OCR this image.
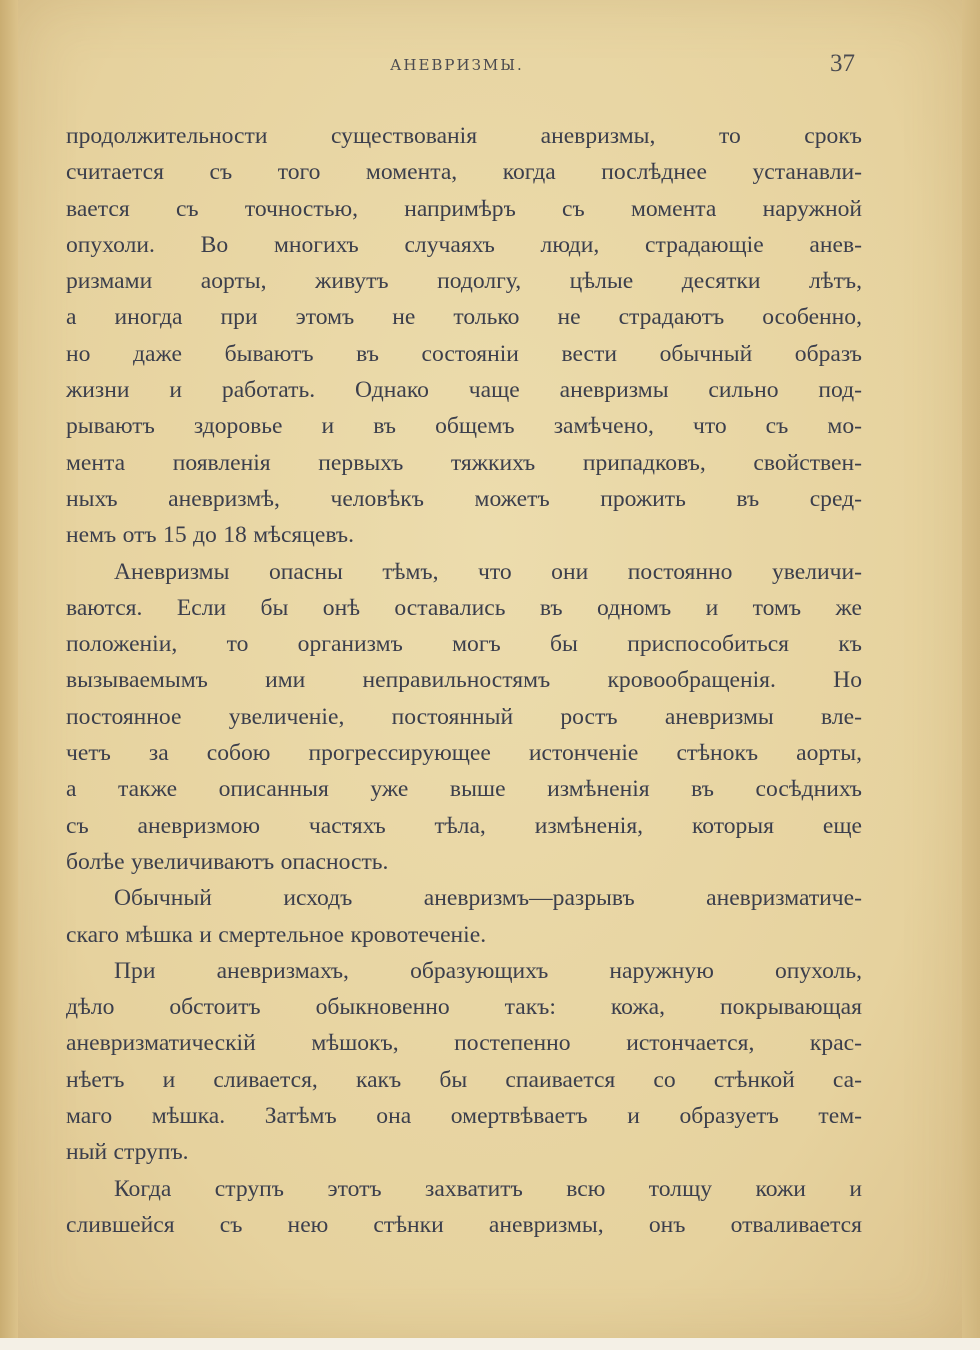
АНЕВРИЗМЫ.	37
продолжительности существованiя аневризмы, то срокъ
считается съ того момента, когда послѣднее устанавли-
вается съ точностью, напримѣръ съ момента наружной
опухоли. Во многихъ случаяхъ люди, страдающiе анев-
ризмами аорты, живутъ подолгу, цѣлые десятки лѣтъ,
а иногда при этомъ не только не страдаютъ особенно,
но даже бываютъ въ состоянiи вести обычный образъ
жизни и работать. Однако чаще аневризмы сильно под-
рываютъ здоровье и въ общемъ замѣчено, что съ мо-
мента появленiя первыхъ тяжкихъ припадковъ, свойствен-
ныхъ аневризмѣ, человѣкъ можетъ прожить въ сред-
немъ отъ 15 до 18 мѣсяцевъ.
Аневризмы опасны тѣмъ, что они постоянно увеличи-
ваются. Если бы онѣ оставались въ одномъ и томъ же
положенiи, то организмъ могъ бы приспособиться къ
вызываемымъ ими неправильностямъ кровообращенiя. Но
постоянное увеличенiе, постоянный ростъ аневризмы вле-
четъ за собою прогрессирующее истонченiе стѣнокъ аорты,
а также описанныя уже выше измѣненiя въ сосѣднихъ
съ аневризмою частяхъ тѣла, измѣненiя, которыя еще
болѣе увеличиваютъ опасность.
Обычный исходъ аневризмъ—разрывъ аневризматиче-
скаго мѣшка и смертельное кровотеченiе.
При аневризмахъ, образующихъ наружную опухоль,
дѣло обстоитъ обыкновенно такъ: кожа, покрывающая
аневризматическiй мѣшокъ, постепенно истончается, крас-
нѣетъ и сливается, какъ бы спаивается со стѣнкой са-
маго мѣшка. Затѣмъ она омертвѣваетъ и образуетъ тем-
ный струпъ.
Когда струпъ этотъ захватитъ всю толщу кожи и
слившейся съ нею стѣнки аневризмы, онъ отваливается
